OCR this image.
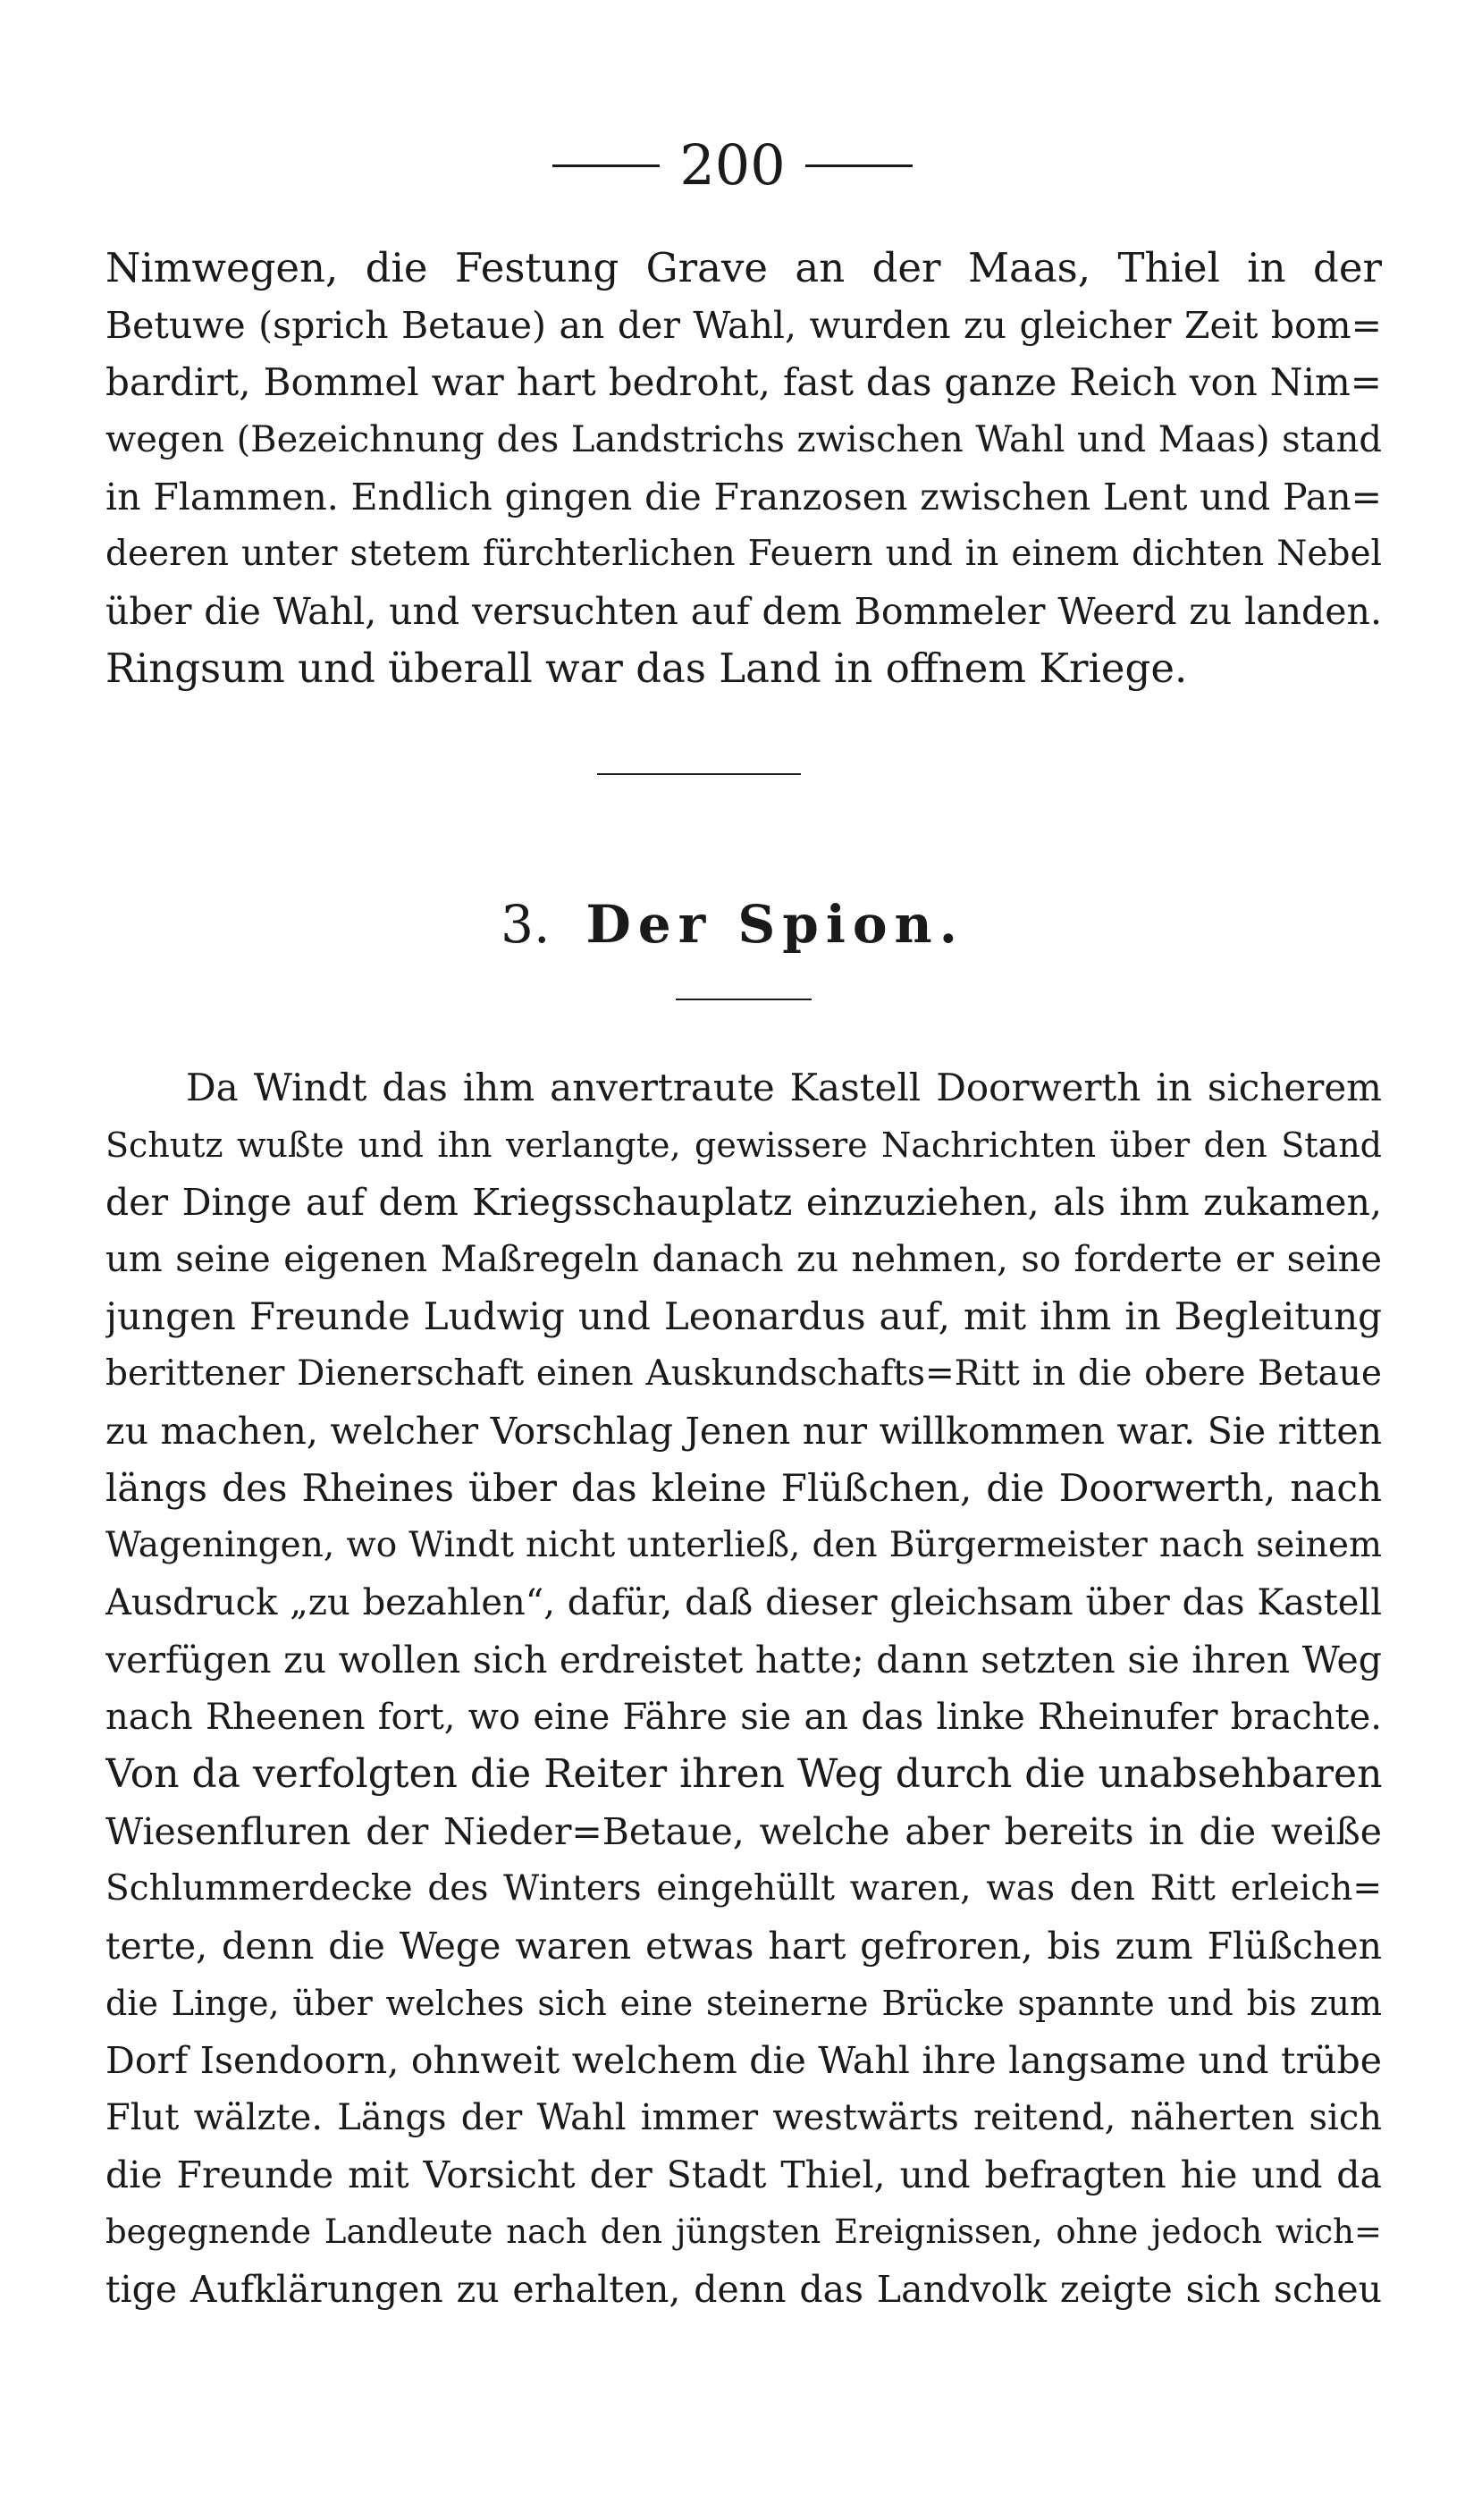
200
Nimwegen, die Festung Grave an der Maas, Thiel in der
Betuwe (sprich Betaue) an der Wahl, wurden zu gleicher Zeit bom=
bardirt, Bommel war hart bedroht, fast das ganze Reich von Nim=
wegen (Bezeichnung des Landstrichs zwischen Wahl und Maas) stand
in Flammen. Endlich gingen die Franzosen zwischen Lent und Pan=
deeren unter stetem fürchterlichen Feuern und in einem dichten Nebel
über die Wahl, und versuchten auf dem Bommeler Weerd zu landen.
Ringsum und überall war das Land in offnem Kriege.
3. Der Spion.
Da Windt das ihm anvertraute Kastell Doorwerth in sicherem
Schutz wußte und ihn verlangte, gewissere Nachrichten über den Stand
der Dinge auf dem Kriegsschauplatz einzuziehen, als ihm zukamen,
um seine eigenen Maßregeln danach zu nehmen, so forderte er seine
jungen Freunde Ludwig und Leonardus auf, mit ihm in Begleitung
berittener Dienerschaft einen Auskundschafts=Ritt in die obere Betaue
zu machen, welcher Vorschlag Jenen nur willkommen war. Sie ritten
längs des Rheines über das kleine Flüßchen, die Doorwerth, nach
Wageningen, wo Windt nicht unterließ, den Bürgermeister nach seinem
Ausdruck „zu bezahlen“, dafür, daß dieser gleichsam über das Kastell
verfügen zu wollen sich erdreistet hatte; dann setzten sie ihren Weg
nach Rheenen fort, wo eine Fähre sie an das linke Rheinufer brachte.
Von da verfolgten die Reiter ihren Weg durch die unabsehbaren
Wiesenfluren der Nieder=Betaue, welche aber bereits in die weiße
Schlummerdecke des Winters eingehüllt waren, was den Ritt erleich=
terte, denn die Wege waren etwas hart gefroren, bis zum Flüßchen
die Linge, über welches sich eine steinerne Brücke spannte und bis zum
Dorf Isendoorn, ohnweit welchem die Wahl ihre langsame und trübe
Flut wälzte. Längs der Wahl immer westwärts reitend, näherten sich
die Freunde mit Vorsicht der Stadt Thiel, und befragten hie und da
begegnende Landleute nach den jüngsten Ereignissen, ohne jedoch wich=
tige Aufklärungen zu erhalten, denn das Landvolk zeigte sich scheu
